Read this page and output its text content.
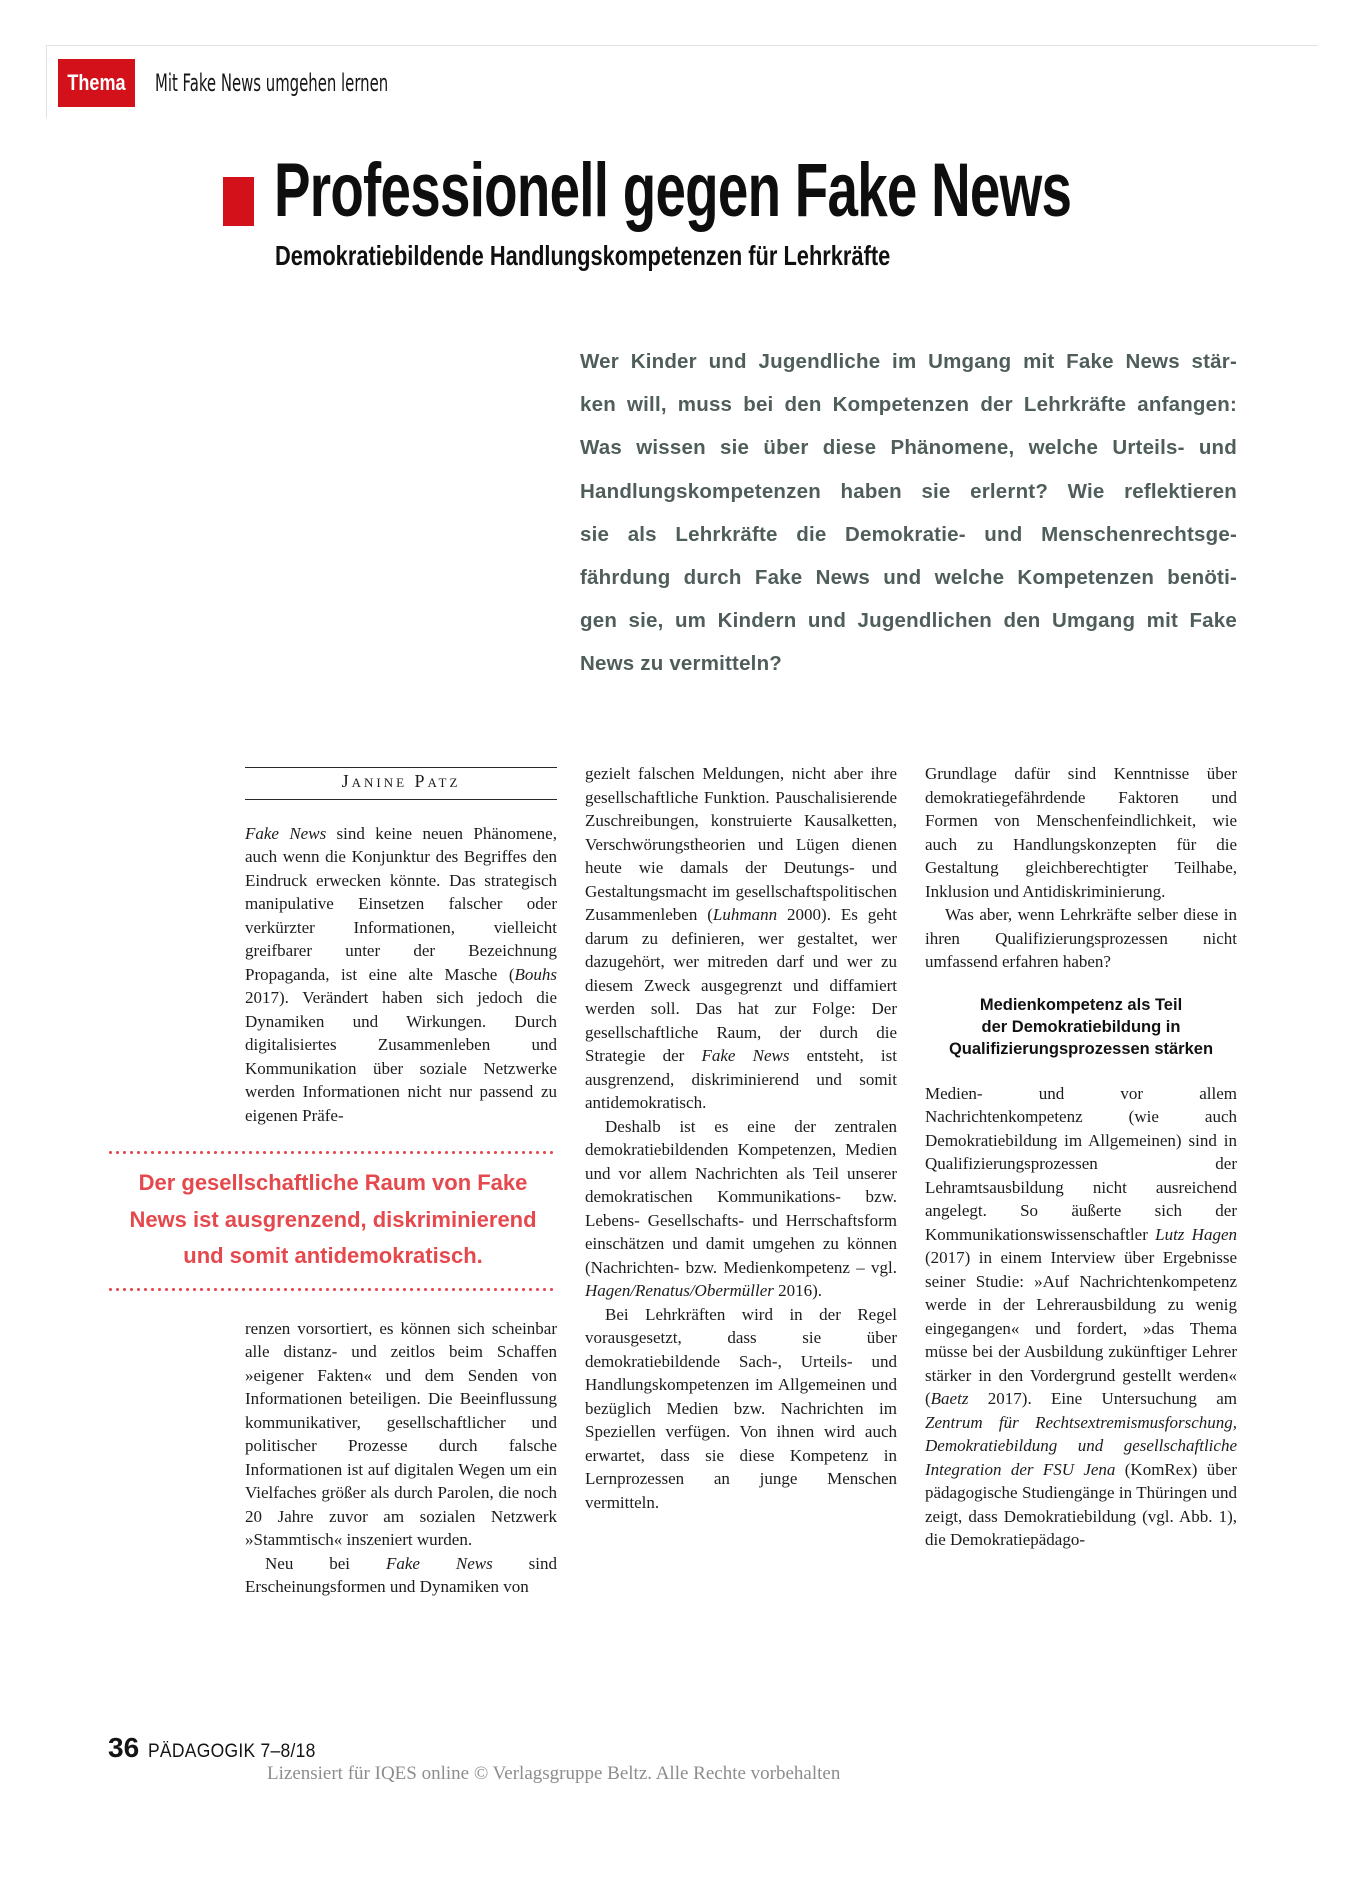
Thema Mit Fake News umgehen lernen
Professionell gegen Fake News
Demokratiebildende Handlungskompetenzen für Lehrkräfte
Wer Kinder und Jugendliche im Umgang mit Fake News stär-
ken will, muss bei den Kompetenzen der Lehrkräfte anfangen:
Was wissen sie über diese Phänomene, welche Urteils- und
Handlungskompetenzen haben sie erlernt? Wie reflektieren
sie als Lehrkräfte die Demokratie- und Menschenrechtsge-
fährdung durch Fake News und welche Kompetenzen benöti-
gen sie, um Kindern und Jugendlichen den Umgang mit Fake
News zu vermitteln?
Janine Patz

Fake News sind keine neuen Phänomene, auch wenn die Konjunktur des Begriffes den Eindruck erwecken könnte. Das strategisch manipulative Einsetzen falscher oder verkürzter Informationen, vielleicht greifbarer unter der Bezeichnung Propaganda, ist eine alte Masche (Bouhs 2017). Verändert haben sich jedoch die Dynamiken und Wirkungen. Durch digitalisiertes Zusammenleben und Kommunikation über soziale Netzwerke werden Informationen nicht nur passend zu eigenen Präfe-

Der gesellschaftliche Raum von Fake
News ist ausgrenzend, diskriminierend
und somit antidemokratisch.

renzen vorsortiert, es können sich scheinbar alle distanz- und zeitlos beim Schaffen »eigener Fakten« und dem Senden von Informationen beteiligen. Die Beeinflussung kommunikativer, gesellschaftlicher und politischer Prozesse durch falsche Informationen ist auf digitalen Wegen um ein Vielfaches größer als durch Parolen, die noch 20 Jahre zuvor am sozialen Netzwerk »Stammtisch« inszeniert wurden.

Neu bei Fake News sind Erscheinungsformen und Dynamiken von

gezielt falschen Meldungen, nicht aber ihre gesellschaftliche Funktion. Pauschalisierende Zuschreibungen, konstruierte Kausalketten, Verschwörungstheorien und Lügen dienen heute wie damals der Deutungs- und Gestaltungsmacht im gesellschaftspolitischen Zusammenleben (Luhmann 2000). Es geht darum zu definieren, wer gestaltet, wer dazugehört, wer mitreden darf und wer zu diesem Zweck ausgegrenzt und diffamiert werden soll. Das hat zur Folge: Der gesellschaftliche Raum, der durch die Strategie der Fake News entsteht, ist ausgrenzend, diskriminierend und somit antidemokratisch.

Deshalb ist es eine der zentralen demokratiebildenden Kompetenzen, Medien und vor allem Nachrichten als Teil unserer demokratischen Kommunikations- bzw. Lebens- Gesellschafts- und Herrschaftsform einschätzen und damit umgehen zu können (Nachrichten- bzw. Medienkompetenz – vgl. Hagen/Renatus/Obermüller 2016).

Bei Lehrkräften wird in der Regel vorausgesetzt, dass sie über demokratiebildende Sach-, Urteils- und Handlungskompetenzen im Allgemeinen und bezüglich Medien bzw. Nachrichten im Speziellen verfügen. Von ihnen wird auch erwartet, dass sie diese Kompetenz in Lernprozessen an junge Menschen vermitteln.

Grundlage dafür sind Kenntnisse über demokratiegefährdende Faktoren und Formen von Menschenfeindlichkeit, wie auch zu Handlungskonzepten für die Gestaltung gleichberechtigter Teilhabe, Inklusion und Antidiskriminierung.

Was aber, wenn Lehrkräfte selber diese in ihren Qualifizierungsprozessen nicht umfassend erfahren haben?

Medienkompetenz als Teil
der Demokratiebildung in
Qualifizierungsprozessen stärken

Medien- und vor allem Nachrichtenkompetenz (wie auch Demokratiebildung im Allgemeinen) sind in Qualifizierungsprozessen der Lehramtsausbildung nicht ausreichend angelegt. So äußerte sich der Kommunikationswissenschaftler Lutz Hagen (2017) in einem Interview über Ergebnisse seiner Studie: »Auf Nachrichtenkompetenz werde in der Lehrerausbildung zu wenig eingegangen« und fordert, »das Thema müsse bei der Ausbildung zukünftiger Lehrer stärker in den Vordergrund gestellt werden« (Baetz 2017). Eine Untersuchung am Zentrum für Rechtsextremismusforschung, Demokratiebildung und gesellschaftliche Integration der FSU Jena (KomRex) über pädagogische Studiengänge in Thüringen und zeigt, dass Demokratiebildung (vgl. Abb. 1), die Demokratiepädago-

36 PÄDAGOGIK 7–8/18
Lizensiert für IQES online © Verlagsgruppe Beltz. Alle Rechte vorbehalten
